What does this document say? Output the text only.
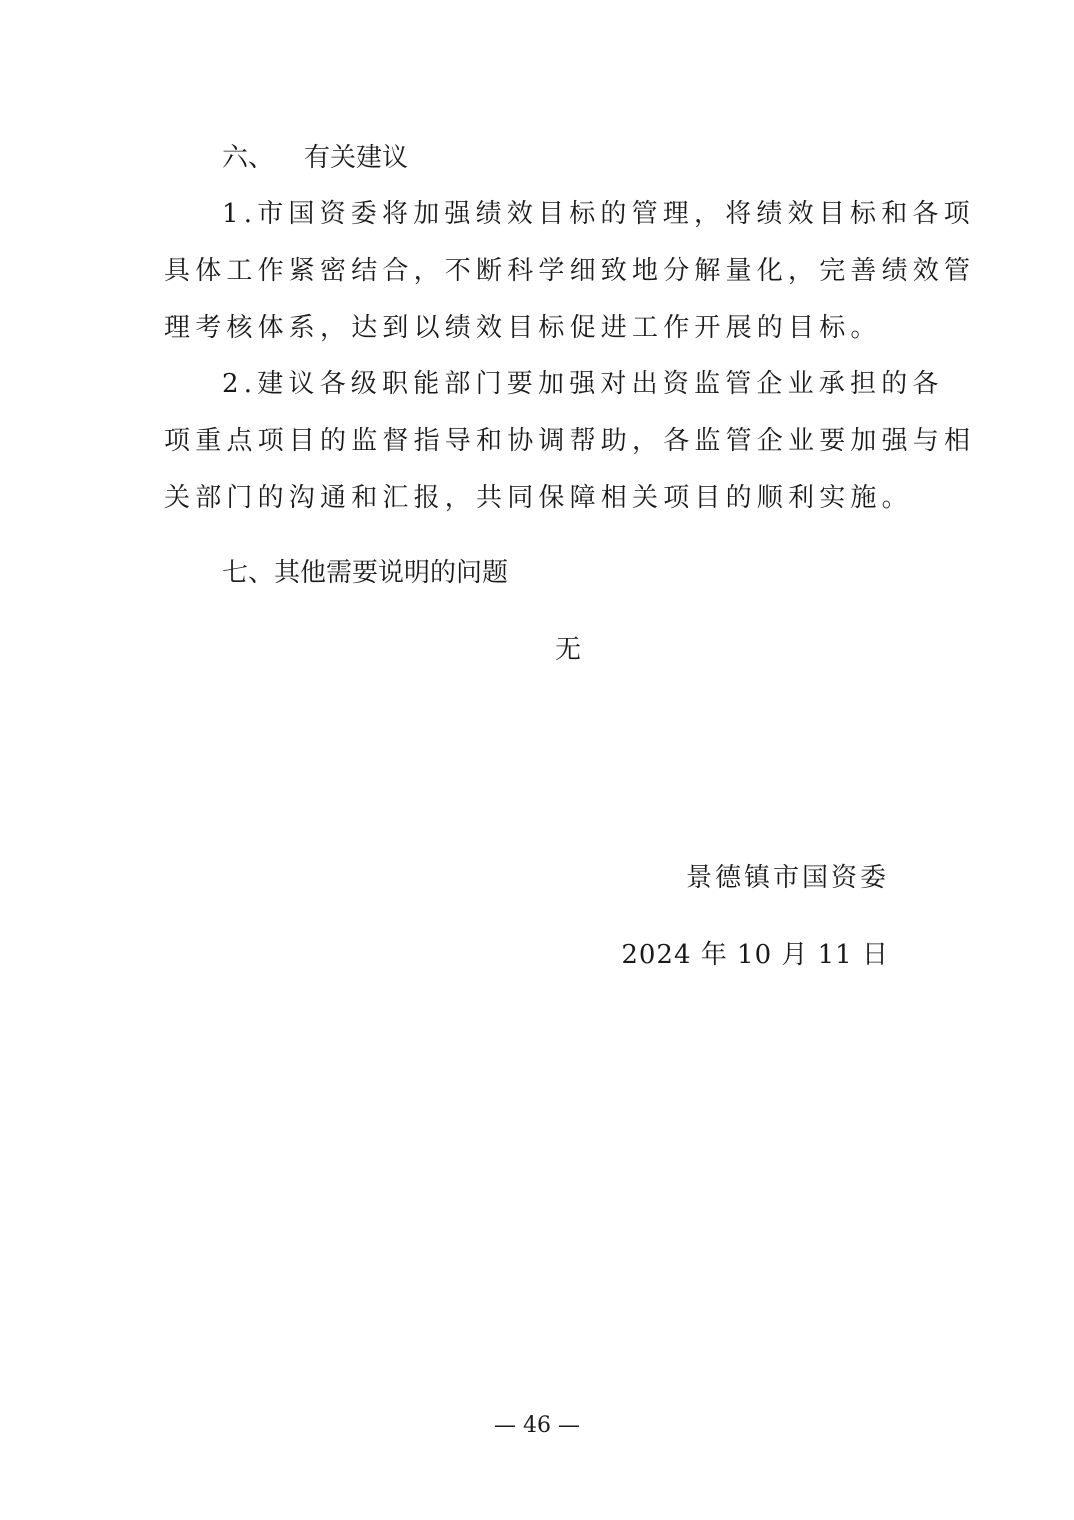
六、 有关建议
1.市国资委将加强绩效目标的管理，将绩效目标和各项
具体工作紧密结合，不断科学细致地分解量化，完善绩效管
理考核体系，达到以绩效目标促进工作开展的目标。
2.建议各级职能部门要加强对出资监管企业承担的各
项重点项目的监督指导和协调帮助，各监管企业要加强与相
关部门的沟通和汇报，共同保障相关项目的顺利实施。
七、其他需要说明的问题
无
景德镇市国资委
2024 年 10 月 11 日
— 46 —
